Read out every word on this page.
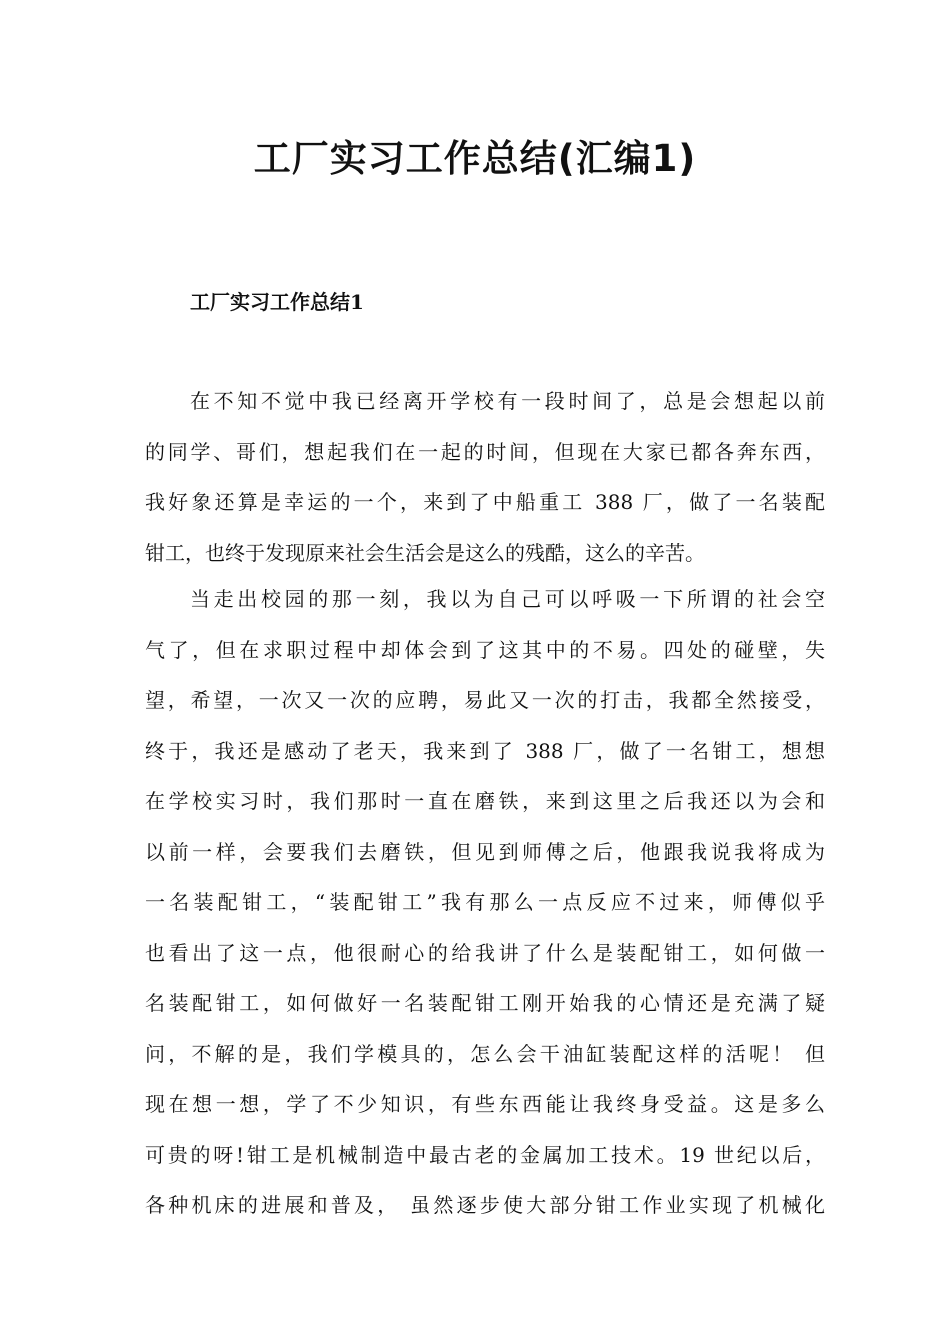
工厂实习工作总结(汇编1)
工厂实习工作总结1
在不知不觉中我已经离开学校有一段时间了，总是会想起以前
的同学、哥们，想起我们在一起的时间，但现在大家已都各奔东西，
我好象还算是幸运的一个，来到了中船重工 388 厂，做了一名装配
钳工，也终于发现原来社会生活会是这么的残酷，这么的辛苦。
当走出校园的那一刻，我以为自己可以呼吸一下所谓的社会空
气了，但在求职过程中却体会到了这其中的不易。四处的碰壁，失
望，希望，一次又一次的应聘，易此又一次的打击，我都全然接受，
终于，我还是感动了老天，我来到了 388 厂，做了一名钳工，想想
在学校实习时，我们那时一直在磨铁，来到这里之后我还以为会和
以前一样，会要我们去磨铁，但见到师傅之后，他跟我说我将成为
一名装配钳工，“装配钳工”我有那么一点反应不过来，师傅似乎
也看出了这一点，他很耐心的给我讲了什么是装配钳工，如何做一
名装配钳工，如何做好一名装配钳工刚开始我的心情还是充满了疑
问，不解的是，我们学模具的，怎么会干油缸装配这样的活呢！ 但
现在想一想，学了不少知识，有些东西能让我终身受益。这是多么
可贵的呀!钳工是机械制造中最古老的金属加工技术。19 世纪以后，
各种机床的进展和普及， 虽然逐步使大部分钳工作业实现了机械化
